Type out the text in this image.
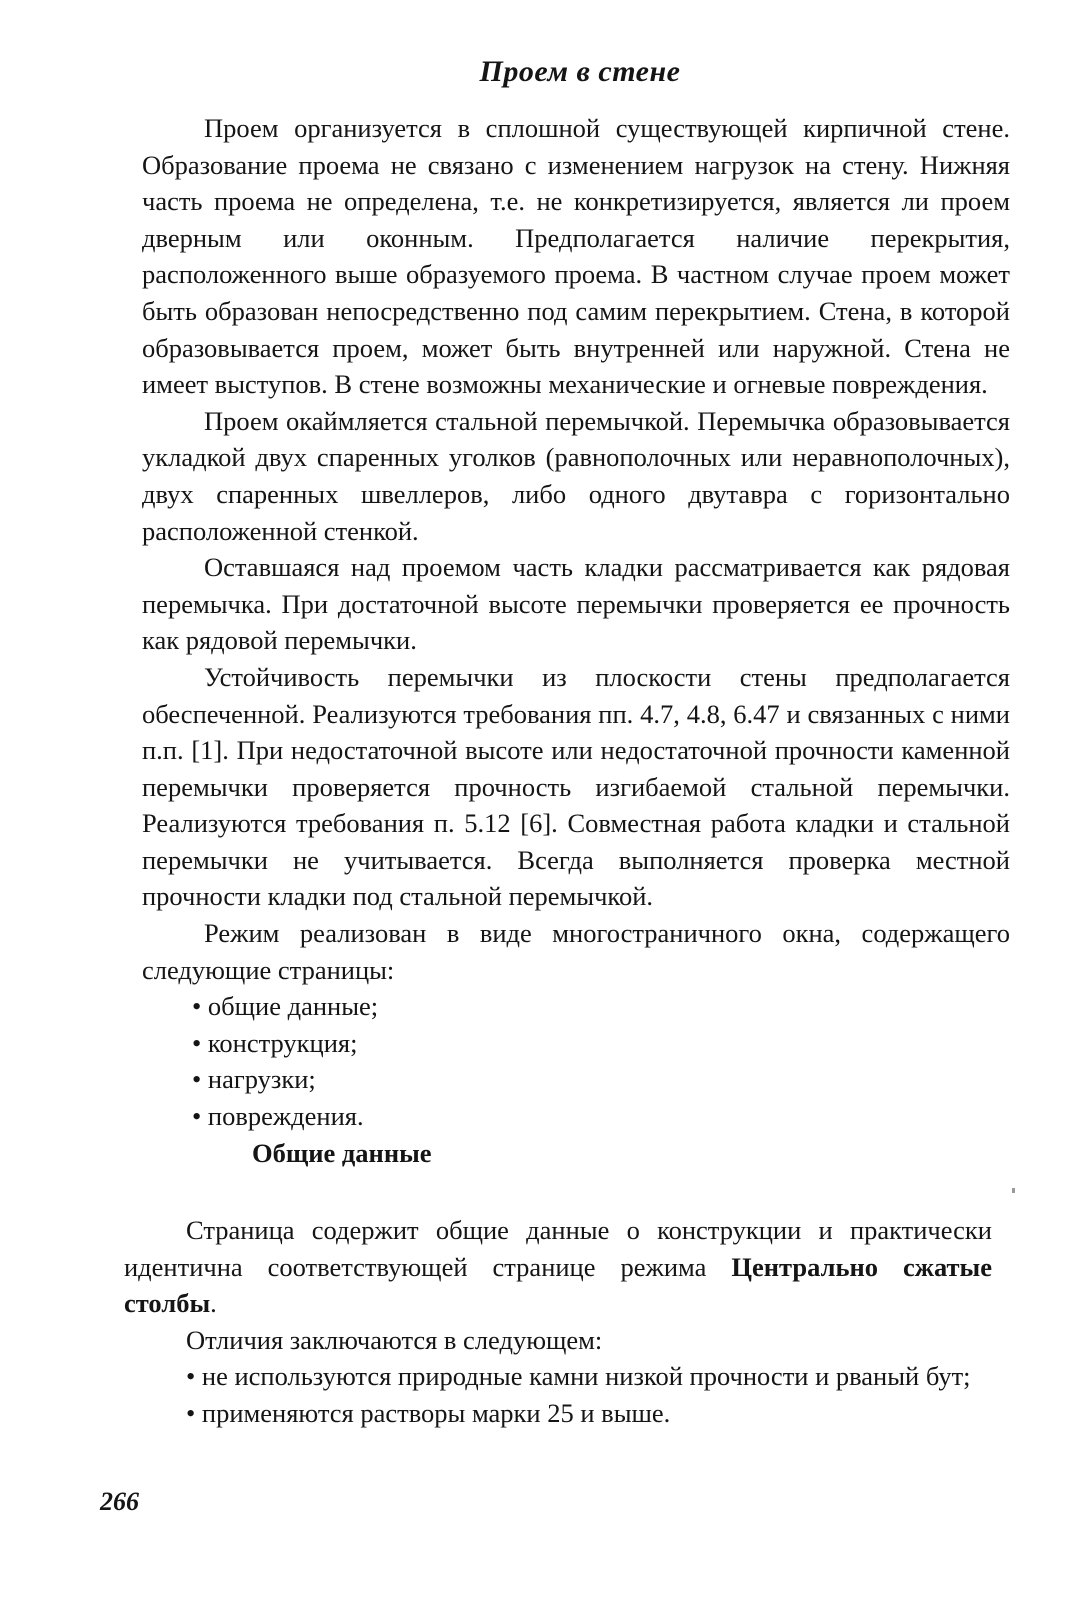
Проем в стене

Проем организуется в сплошной существующей кирпичной стене. Образование проема не связано с изменением нагрузок на стену. Нижняя часть проема не определена, т.е. не конкретизируется, является ли проем дверным или оконным. Предполагается наличие перекрытия, расположенного выше образуемого проема. В частном случае проем может быть образован непосредственно под самим перекрытием. Стена, в которой образовывается проем, может быть внутренней или наружной. Стена не имеет выступов. В стене возможны механические и огневые повреждения.

Проем окаймляется стальной перемычкой. Перемычка образовывается укладкой двух спаренных уголков (равнополочных или неравнополочных), двух спаренных швеллеров, либо одного двутавра с горизонтально расположенной стенкой.

Оставшаяся над проемом часть кладки рассматривается как рядовая перемычка. При достаточной высоте перемычки проверяется ее прочность как рядовой перемычки.

Устойчивость перемычки из плоскости стены предполагается обеспеченной. Реализуются требования пп. 4.7, 4.8, 6.47 и связанных с ними п.п. [1]. При недостаточной высоте или недостаточной прочности каменной перемычки проверяется прочность изгибаемой стальной перемычки. Реализуются требования п. 5.12 [6]. Совместная работа кладки и стальной перемычки не учитывается. Всегда выполняется проверка местной прочности кладки под стальной перемычкой.

Режим реализован в виде многостраничного окна, содержащего следующие страницы:

• общие данные;
• конструкция;
• нагрузки;
• повреждения.

Общие данные

Страница содержит общие данные о конструкции и практически идентична соответствующей странице режима Центрально сжатые столбы.

Отличия заключаются в следующем:

• не используются природные камни низкой прочности и рваный бут;

• применяются растворы марки 25 и выше.

266
